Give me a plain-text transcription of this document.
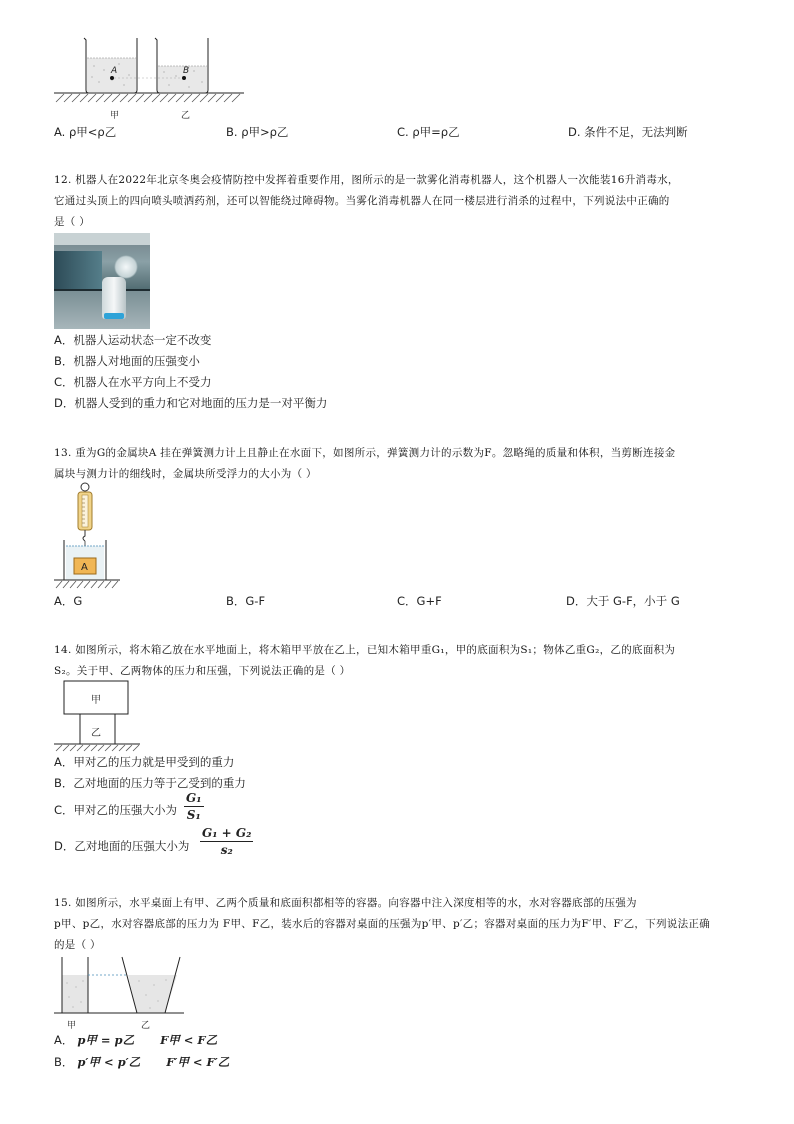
A	B
甲	乙
A. ρ甲<ρ乙	B. ρ甲>ρ乙	C. ρ甲=ρ乙	D. 条件不足，无法判断
12. 机器人在2022年北京冬奥会疫情防控中发挥着重要作用，图所示的是一款雾化消毒机器人，这个机器人一次能装16升消毒水，
它通过头顶上的四向喷头喷洒药剂，还可以智能绕过障碍物。当雾化消毒机器人在同一楼层进行消杀的过程中，下列说法中正确的
是（ ）
A．机器人运动状态一定不改变
B．机器人对地面的压强变小
C．机器人在水平方向上不受力
D．机器人受到的重力和它对地面的压力是一对平衡力
13. 重为G的金属块A 挂在弹簧测力计上且静止在水面下，如图所示，弹簧测力计的示数为F。忽略绳的质量和体积，当剪断连接金
属块与测力计的细线时，金属块所受浮力的大小为（ ）
A
A．G	B．G-F	C．G+F	D．大于 G-F，小于 G
14. 如图所示，将木箱乙放在水平地面上，将木箱甲平放在乙上，已知木箱甲重G₁，甲的底面积为S₁；物体乙重G₂，乙的底面积为
S₂。关于甲、乙两物体的压力和压强，下列说法正确的是（ ）
甲
乙
A．甲对乙的压力就是甲受到的重力
B．乙对地面的压力等于乙受到的重力
C．甲对乙的压强大小为
G₁
S₁
D．乙对地面的压强大小为
G₁ + G₂
s₂
15. 如图所示，水平桌面上有甲、乙两个质量和底面积都相等的容器。向容器中注入深度相等的水，水对容器底部的压强为
p甲、p乙，水对容器底部的压力为 F甲、F乙，装水后的容器对桌面的压强为p′甲、p′乙；容器对桌面的压力为F′甲、F′乙，下列说法正确
的是（ ）
甲	乙
A． p甲 = p乙 F甲 < F乙
B． p′甲 < p′乙 F′甲 < F′乙
